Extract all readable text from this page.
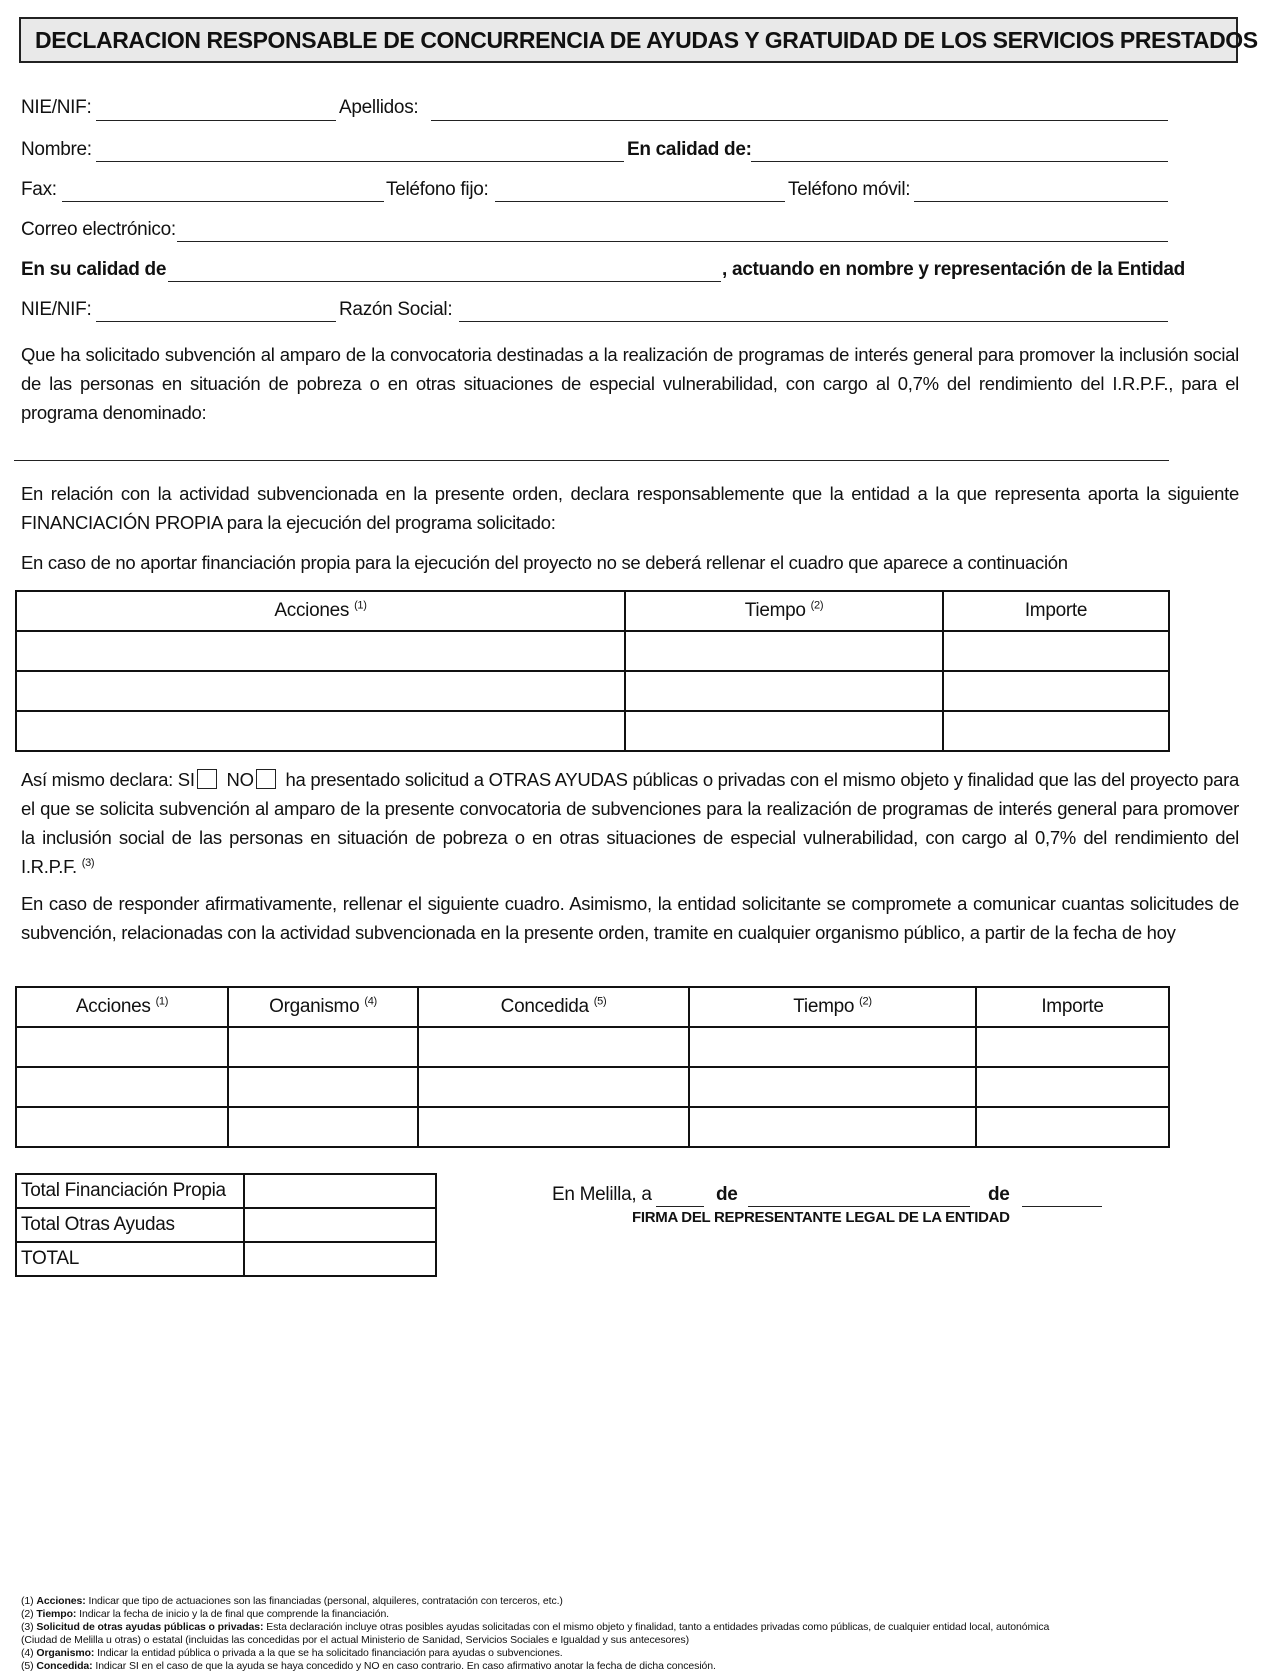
DECLARACION RESPONSABLE DE CONCURRENCIA DE AYUDAS Y GRATUIDAD DE LOS SERVICIOS PRESTADOS
NIE/NIF:	Apellidos:
Nombre:	En calidad de:
Fax:	Teléfono fijo:	Teléfono móvil:
Correo electrónico:
En su calidad de	, actuando en nombre y representación de la Entidad
NIE/NIF:	Razón Social:

Que ha solicitado subvención al amparo de la convocatoria destinadas a la realización de programas de interés general para promover la inclusión social de las personas en situación de pobreza o en otras situaciones de especial vulnerabilidad, con cargo al 0,7% del rendimiento del I.R.P.F., para el programa denominado:

En relación con la actividad subvencionada en la presente orden, declara responsablemente que la entidad a la que representa aporta la siguiente FINANCIACIÓN PROPIA para la ejecución del programa solicitado:

En caso de no aportar financiación propia para la ejecución del proyecto no se deberá rellenar el cuadro que aparece a continuación

Acciones $^{(1)}$	Tiempo $^{(2)}$	Importe

Así mismo declara: SI NO ha presentado solicitud a OTRAS AYUDAS públicas o privadas con el mismo objeto y finalidad que las del proyecto para el que se solicita subvención al amparo de la presente convocatoria de subvenciones para la realización de programas de interés general para promover la inclusión social de las personas en situación de pobreza o en otras situaciones de especial vulnerabilidad, con cargo al 0,7% del rendimiento del I.R.P.F. $^{(3)}$

En caso de responder afirmativamente, rellenar el siguiente cuadro. Asimismo, la entidad solicitante se compromete a comunicar cuantas solicitudes de subvención, relacionadas con la actividad subvencionada en la presente orden, tramite en cualquier organismo público, a partir de la fecha de hoy

Acciones $^{(1)}$	Organismo $^{(4)}$	Concedida $^{(5)}$	Tiempo $^{(2)}$	Importe

Total Financiación Propia	
Total Otras Ayudas	
TOTAL	
En Melilla, a	de	de
FIRMA DEL REPRESENTANTE LEGAL DE LA ENTIDAD
(1) Acciones: Indicar que tipo de actuaciones son las financiadas (personal, alquileres, contratación con terceros, etc.)
(2) Tiempo: Indicar la fecha de inicio y la de final que comprende la financiación.
(3) Solicitud de otras ayudas públicas o privadas: Esta declaración incluye otras posibles ayudas solicitadas con el mismo objeto y finalidad, tanto a entidades privadas como públicas, de cualquier entidad local, autonómica
(Ciudad de Melilla u otras) o estatal (incluidas las concedidas por el actual Ministerio de Sanidad, Servicios Sociales e Igualdad y sus antecesores)
(4) Organismo: Indicar la entidad pública o privada a la que se ha solicitado financiación para ayudas o subvenciones.
(5) Concedida: Indicar SI en el caso de que la ayuda se haya concedido y NO en caso contrario. En caso afirmativo anotar la fecha de dicha concesión.
